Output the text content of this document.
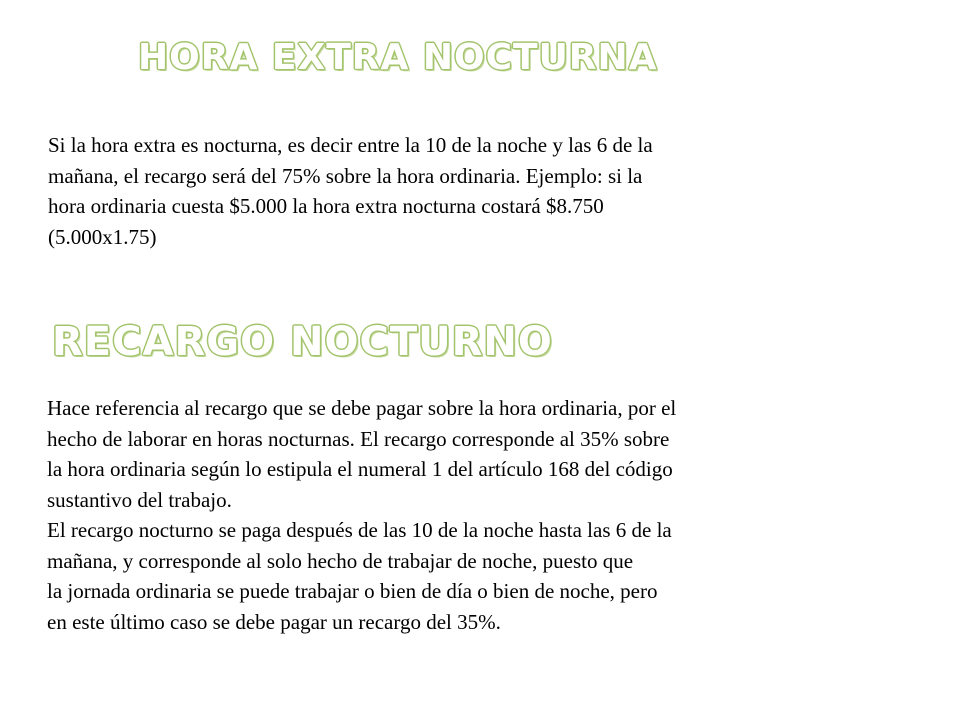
HORA EXTRA NOCTURNA

Si la hora extra es nocturna, es decir entre la 10 de la noche y las 6 de la
mañana, el recargo será del 75% sobre la hora ordinaria. Ejemplo: si la
hora ordinaria cuesta $5.000 la hora extra nocturna costará $8.750
(5.000x1.75)

RECARGO NOCTURNO

Hace referencia al recargo que se debe pagar sobre la hora ordinaria, por el
hecho de laborar en horas nocturnas. El recargo corresponde al 35% sobre
la hora ordinaria según lo estipula el numeral 1 del artículo 168 del código
sustantivo del trabajo.
El recargo nocturno se paga después de las 10 de la noche hasta las 6 de la
mañana, y corresponde al solo hecho de trabajar de noche, puesto que
la jornada ordinaria se puede trabajar o bien de día o bien de noche, pero
en este último caso se debe pagar un recargo del 35%.
